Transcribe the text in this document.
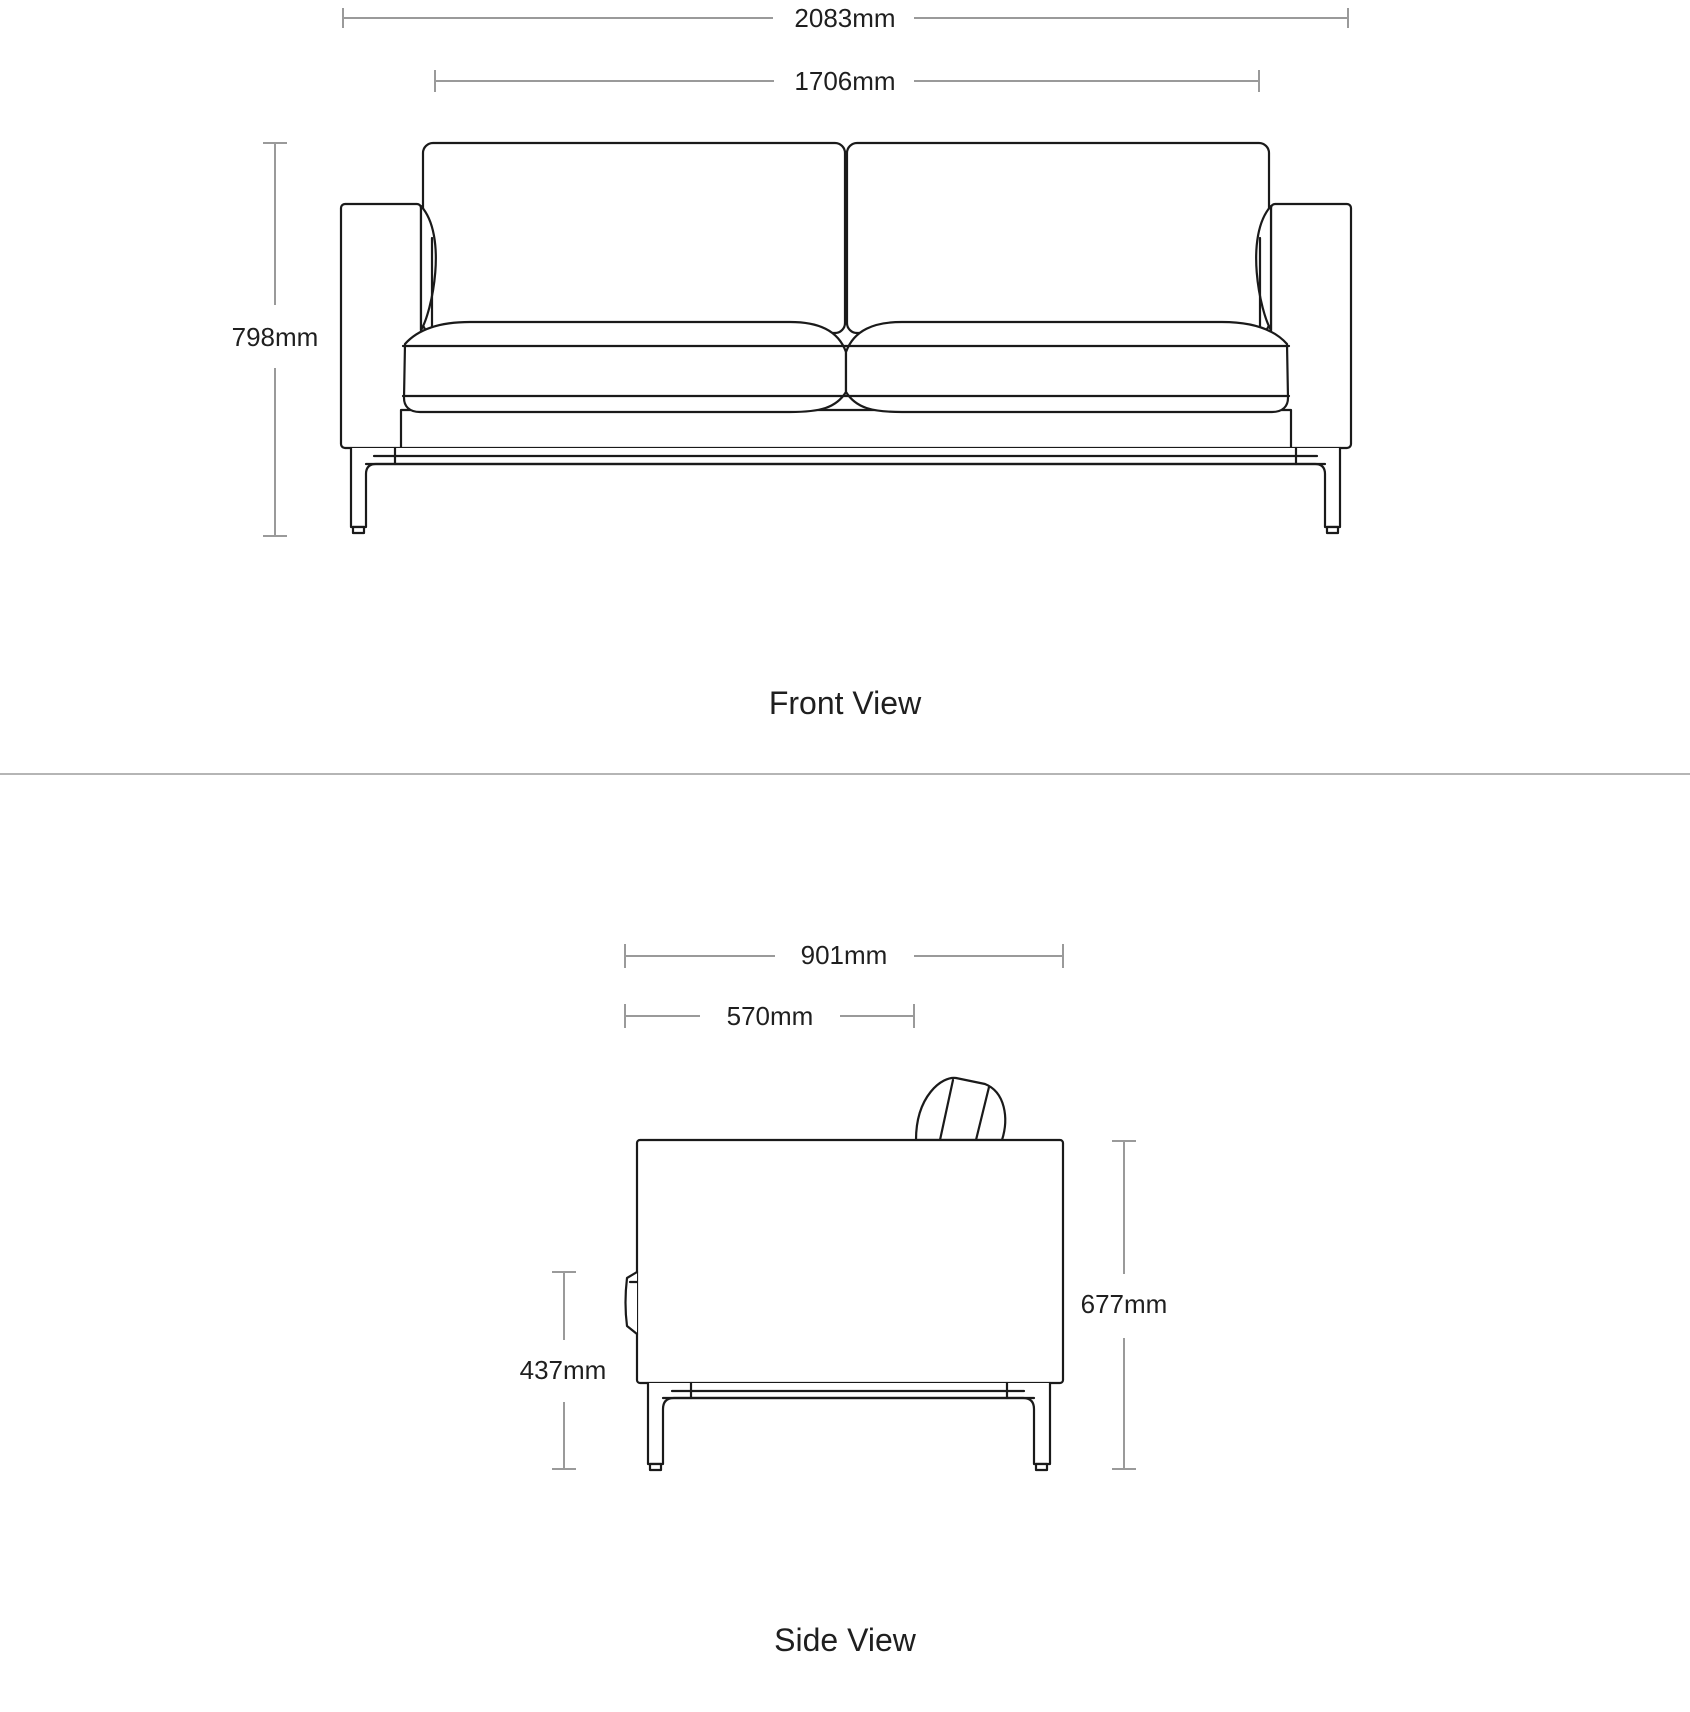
2083mm
1706mm
798mm
Front View
901mm
570mm
677mm
437mm
Side View
